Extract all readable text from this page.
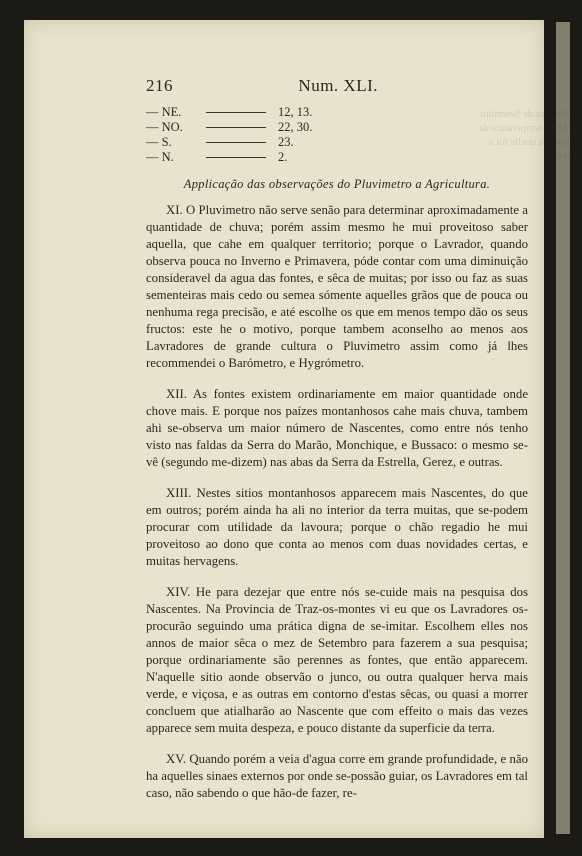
V. No mez de Setembro de 18 de temperatura da atmosfera quelle foi a variação
216	Num. XLI.
— NE.	12, 13.
— NO.	22, 30.
— S.	23.
— N.	2.
Applicação das observações do Pluvimetro a Agricultura.

XI. O Pluvimetro não serve senão para determinar aproximadamente a quantidade de chuva; porém assim mesmo he mui proveitoso saber aquella, que cahe em qualquer territorio; porque o Lavrador, quando observa pouca no Inverno e Primavera, póde contar com uma diminuição consideravel da agua das fontes, e sêca de muitas; por isso ou faz as suas sementeiras mais cedo ou semea sómente aquelles grãos que de pouca ou nenhuma rega precisão, e até escolhe os que em menos tempo dão os seus fructos: este he o motivo, porque tambem aconselho ao menos aos Lavradores de grande cultura o Pluvimetro assim como já lhes recommendei o Barómetro, e Hygrómetro.

XII. As fontes existem ordinariamente em maior quantidade onde chove mais. E porque nos paízes montanhosos cahe mais chuva, tambem ahi se-observa um maior número de Nascentes, como entre nós tenho visto nas faldas da Serra do Marão, Monchique, e Bussaco: o mesmo se-vê (segundo me-dizem) nas abas da Serra da Estrella, Gerez, e outras.

XIII. Nestes sitios montanhosos apparecem mais Nascentes, do que em outros; porém ainda ha ali no interior da terra muitas, que se-podem procurar com utilidade da lavoura; porque o chão regadio he mui proveitoso ao dono que conta ao menos com duas novidades certas, e muitas hervagens.

XIV. He para dezejar que entre nós se-cuide mais na pesquisa dos Nascentes. Na Provincia de Traz-os-montes vi eu que os Lavradores os-procurão seguindo uma prática digna de se-imitar. Escolhem elles nos annos de maior sêca o mez de Setembro para fazerem a sua pesquisa; porque ordinariamente são perennes as fontes, que então apparecem. N'aquelle sitio aonde observão o junco, ou outra qualquer herva mais verde, e viçosa, e as outras em contorno d'estas sêcas, ou quasi a morrer concluem que atialharão ao Nascente que com effeito o mais das vezes apparece sem muita despeza, e pouco distante da superficie da terra.

XV. Quando porém a veia d'agua corre em grande profundidade, e não ha aquelles sinaes externos por onde se-possão guiar, os Lavradores em tal caso, não sabendo o que hão-de fazer, re-
